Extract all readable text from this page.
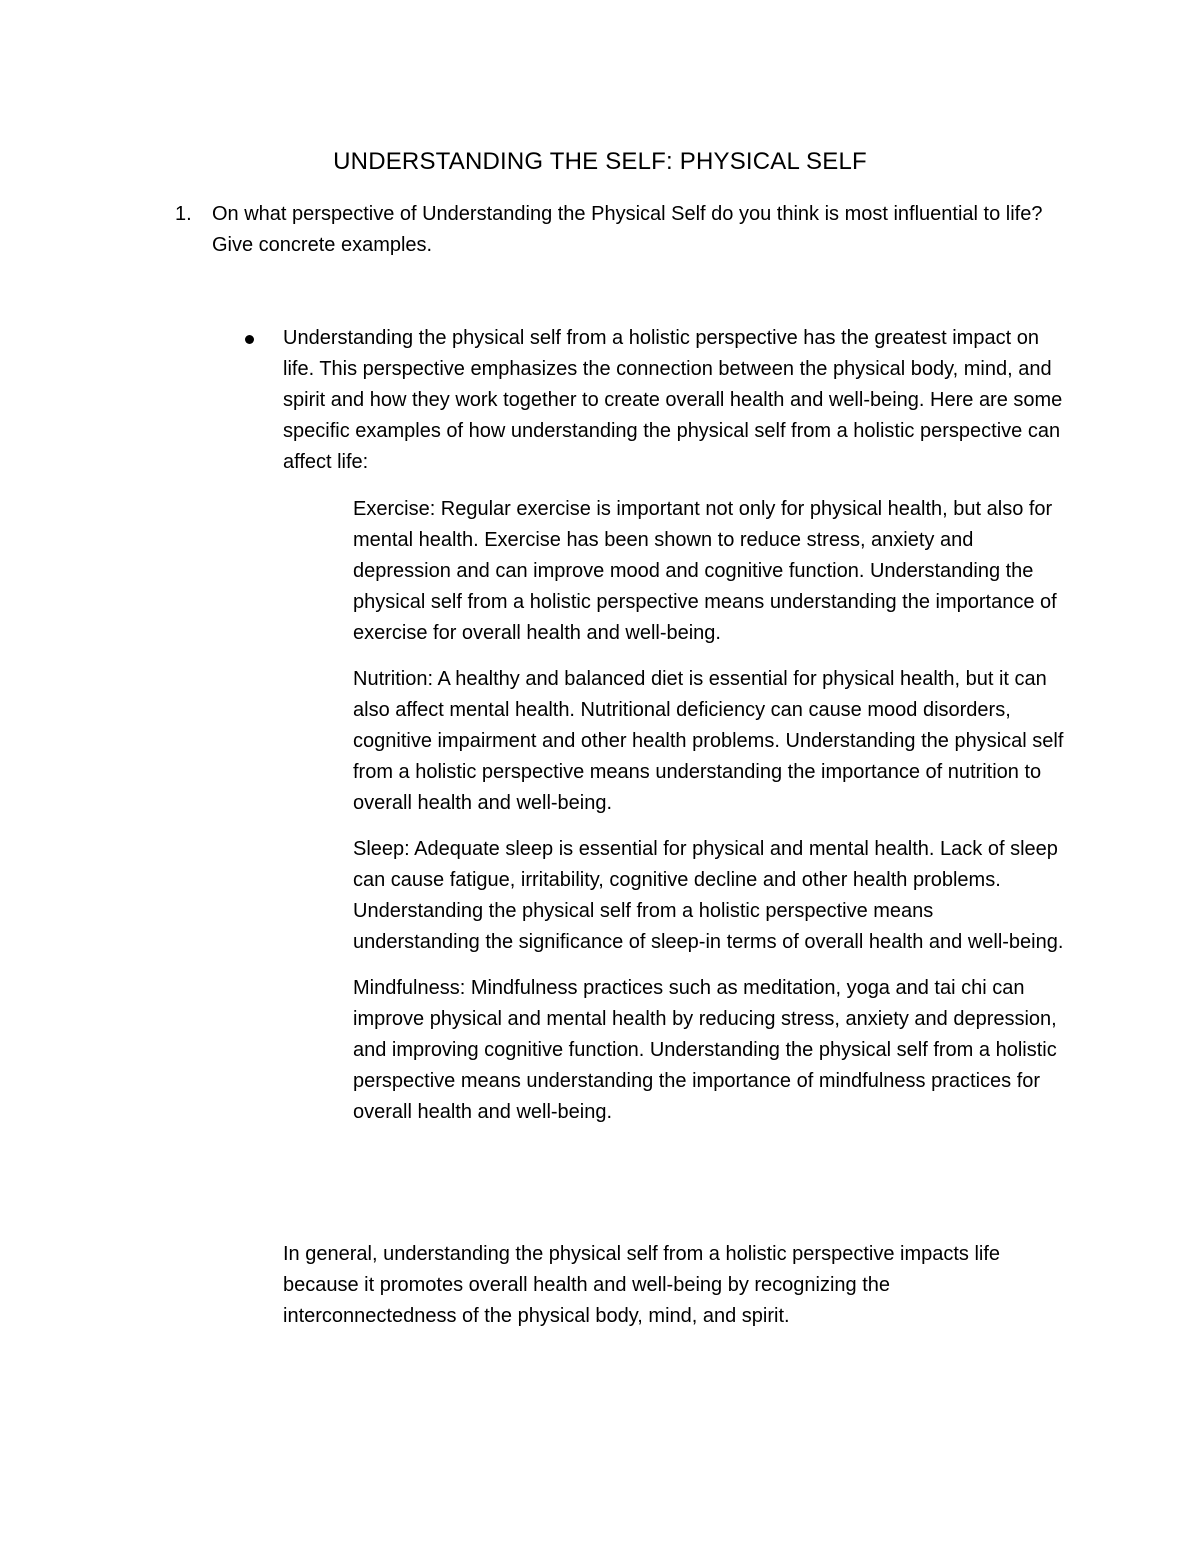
UNDERSTANDING THE SELF: PHYSICAL SELF
1. On what perspective of Understanding the Physical Self do you think is most influential to life? Give concrete examples.
Understanding the physical self from a holistic perspective has the greatest impact on life. This perspective emphasizes the connection between the physical body, mind, and spirit and how they work together to create overall health and well-being. Here are some specific examples of how understanding the physical self from a holistic perspective can affect life:

Exercise: Regular exercise is important not only for physical health, but also for mental health. Exercise has been shown to reduce stress, anxiety and depression and can improve mood and cognitive function. Understanding the physical self from a holistic perspective means understanding the importance of exercise for overall health and well-being.

Nutrition: A healthy and balanced diet is essential for physical health, but it can also affect mental health. Nutritional deficiency can cause mood disorders, cognitive impairment and other health problems. Understanding the physical self from a holistic perspective means understanding the importance of nutrition to overall health and well-being.

Sleep: Adequate sleep is essential for physical and mental health. Lack of sleep can cause fatigue, irritability, cognitive decline and other health problems. Understanding the physical self from a holistic perspective means understanding the significance of sleep-in terms of overall health and well-being.

Mindfulness: Mindfulness practices such as meditation, yoga and tai chi can improve physical and mental health by reducing stress, anxiety and depression, and improving cognitive function. Understanding the physical self from a holistic perspective means understanding the importance of mindfulness practices for overall health and well-being.

In general, understanding the physical self from a holistic perspective impacts life because it promotes overall health and well-being by recognizing the interconnectedness of the physical body, mind, and spirit.
